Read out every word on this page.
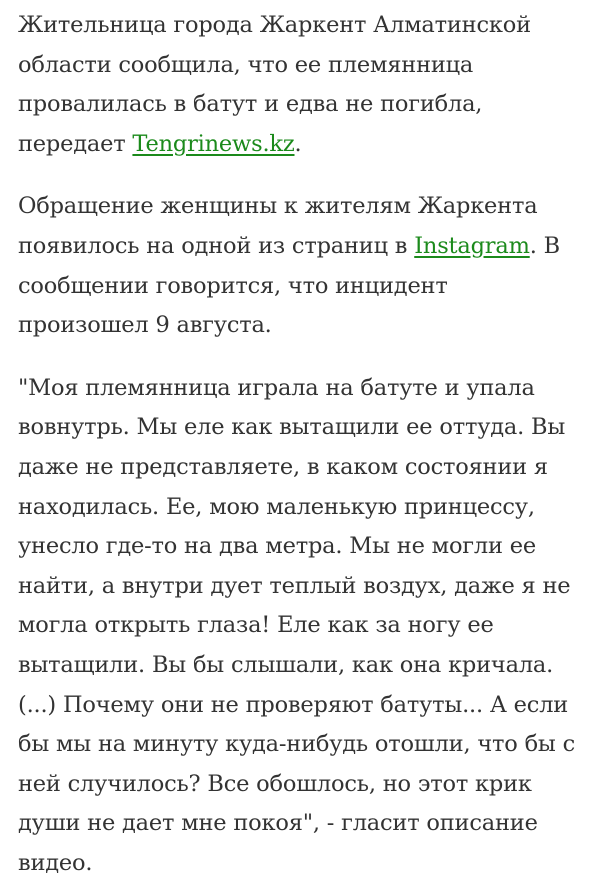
Жительница города Жаркент Алматинской области сообщила, что ее племянница провалилась в батут и едва не погибла, передает Tengrinews.kz.

Обращение женщины к жителям Жаркента появилось на одной из страниц в Instagram. В сообщении говорится, что инцидент произошел 9 августа.

"Моя племянница играла на батуте и упала вовнутрь. Мы еле как вытащили ее оттуда. Вы даже не представляете, в каком состоянии я находилась. Ее, мою маленькую принцессу, унесло где-то на два метра. Мы не могли ее найти, а внутри дует теплый воздух, даже я не могла открыть глаза! Еле как за ногу ее вытащили. Вы бы слышали, как она кричала. (...) Почему они не проверяют батуты... А если бы мы на минуту куда-нибудь отошли, что бы с ней случилось? Все обошлось, но этот крик души не дает мне покоя", - гласит описание видео.
